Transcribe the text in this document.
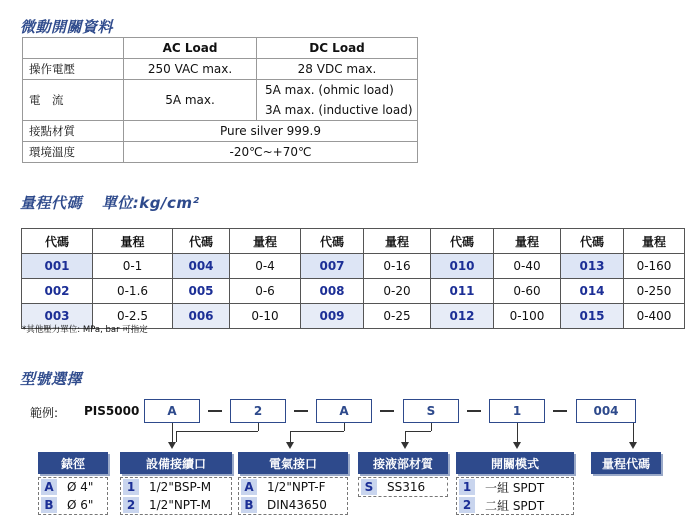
微動開關資料
	AC Load	DC Load
操作電壓	250 VAC max.	28 VDC max.
電　流	5A max.	5A max. (ohmic load)
3A max. (inductive load)

接點材質	Pure silver 999.9	
環境溫度	-20℃~+70℃	
量程代碼 單位:kg/cm²
代碼	量程	代碼	量程	代碼	量程	代碼	量程	代碼	量程
001	0-1	004	0-4	007	0-16	010	0-40	013	0-160
002	0-1.6	005	0-6	008	0-20	011	0-60	014	0-250
003	0-2.5	006	0-10	009	0-25	012	0-100	015	0-400
*其他壓力單位: MPa, bar 可指定
型號選擇
範例: PIS5000	A	2	A	S	1	004
錶徑
A	Ø 4"
B	Ø 6"
設備接續口
1	1/2"BSP-M
2	1/2"NPT-M
電氣接口
A	1/2"NPT-F
B	DIN43650
接液部材質
S	SS316
開關模式
1	一組 SPDT
2	二組 SPDT
量程代碼
